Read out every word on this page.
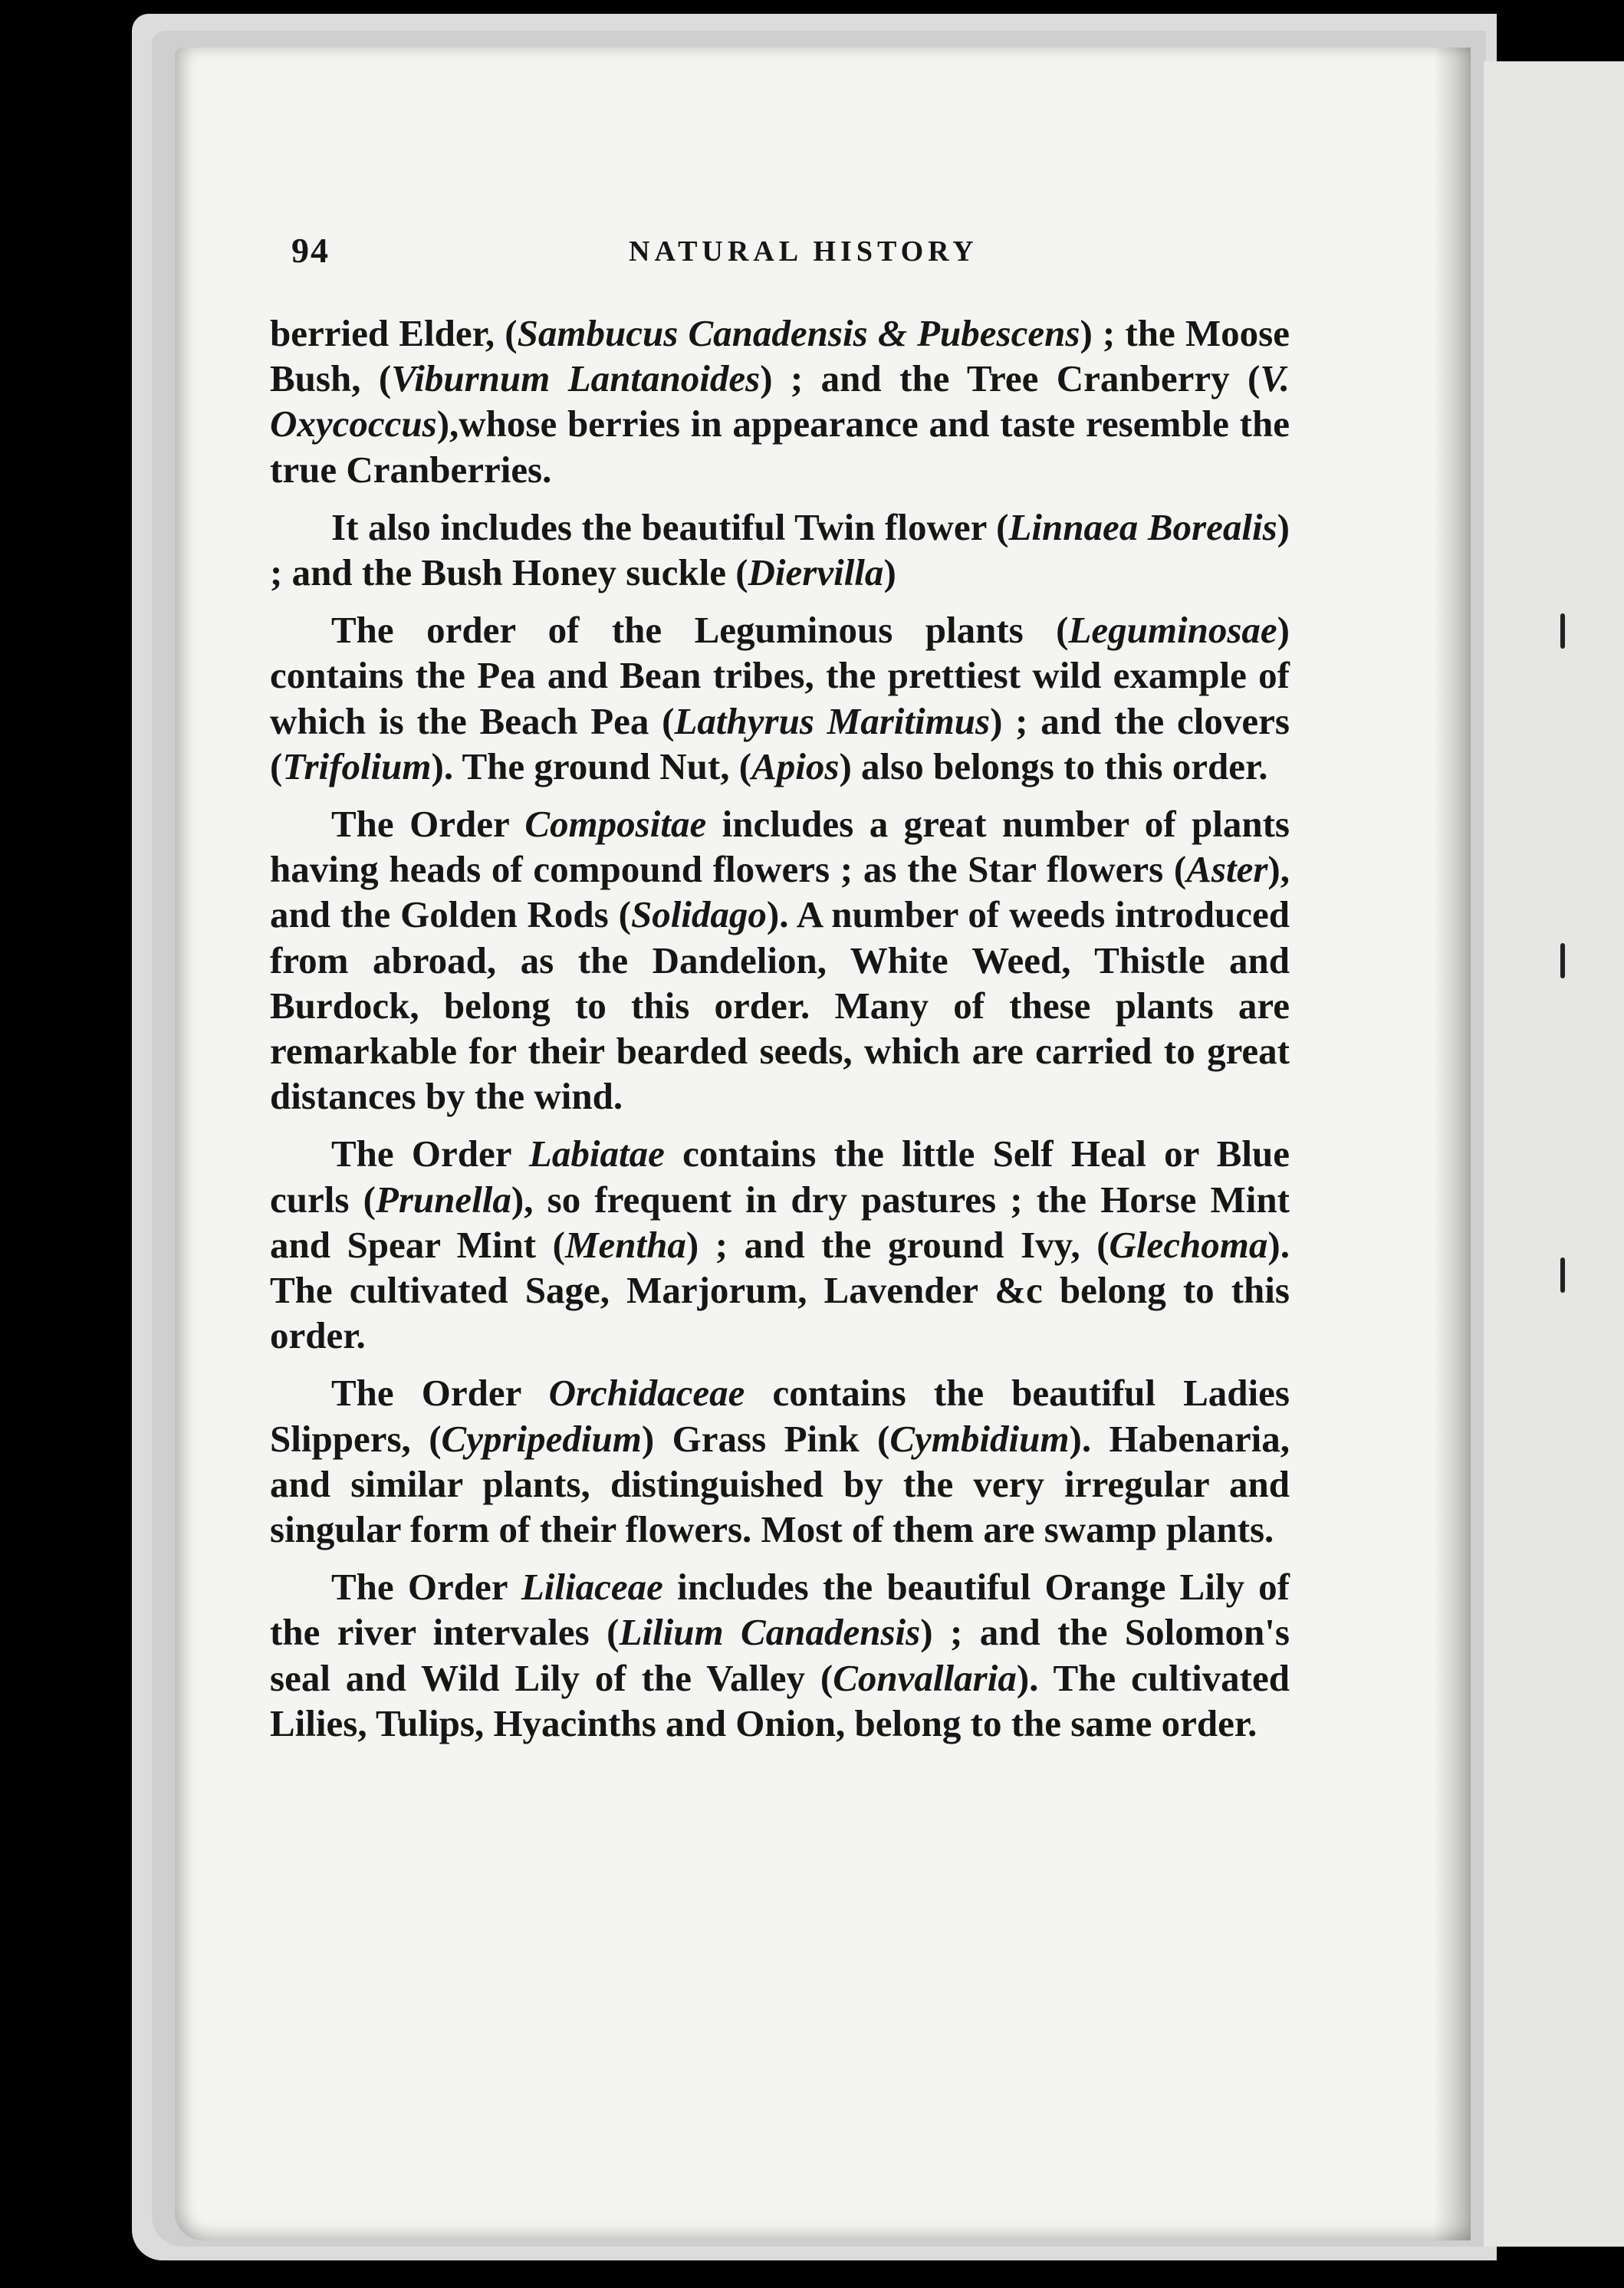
94	NATURAL HISTORY

berried Elder, (Sambucus Canadensis & Pubescens) ; the Moose Bush, (Viburnum Lantanoides) ; and the Tree Cranberry (V. Oxycoccus),whose berries in appearance and taste resemble the true Cranberries.

It also includes the beautiful Twin flower (Linnaea Borealis) ; and the Bush Honey suckle (Diervilla)

The order of the Leguminous plants (Leguminosae) contains the Pea and Bean tribes, the prettiest wild example of which is the Beach Pea (Lathyrus Maritimus) ; and the clovers (Trifolium). The ground Nut, (Apios) also belongs to this order.

The Order Compositae includes a great number of plants having heads of compound flowers ; as the Star flowers (Aster), and the Golden Rods (Solidago). A number of weeds introduced from abroad, as the Dandelion, White Weed, Thistle and Burdock, belong to this order. Many of these plants are remarkable for their bearded seeds, which are carried to great distances by the wind.

The Order Labiatae contains the little Self Heal or Blue curls (Prunella), so frequent in dry pastures ; the Horse Mint and Spear Mint (Mentha) ; and the ground Ivy, (Glechoma). The cultivated Sage, Marjorum, Lavender &c belong to this order.

The Order Orchidaceae contains the beautiful Ladies Slippers, (Cypripedium) Grass Pink (Cymbidium). Habenaria, and similar plants, distinguished by the very irregular and singular form of their flowers. Most of them are swamp plants.

The Order Liliaceae includes the beautiful Orange Lily of the river intervales (Lilium Canadensis) ; and the Solomon's seal and Wild Lily of the Valley (Convallaria). The cultivated Lilies, Tulips, Hyacinths and Onion, belong to the same order.
